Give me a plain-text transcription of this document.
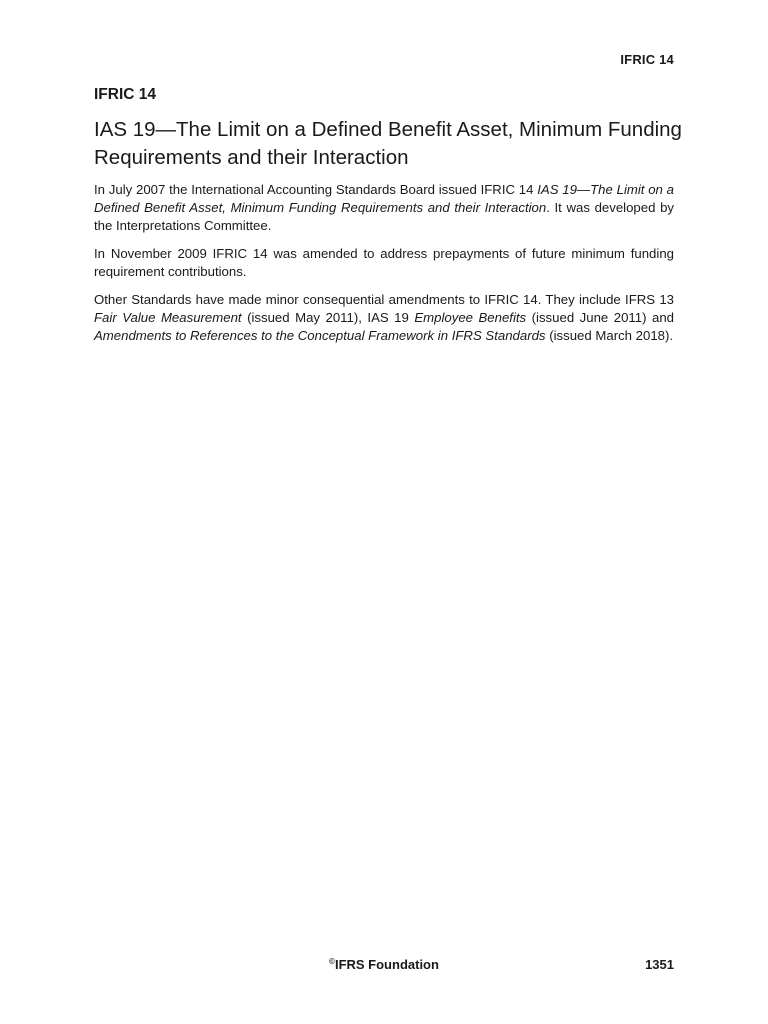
IFRIC 14
IFRIC 14
IAS 19—The Limit on a Defined Benefit Asset, Minimum Funding Requirements and their Interaction

In July 2007 the International Accounting Standards Board issued IFRIC 14 IAS 19—The Limit on a Defined Benefit Asset, Minimum Funding Requirements and their Interaction. It was developed by the Interpretations Committee.

In November 2009 IFRIC 14 was amended to address prepayments of future minimum funding requirement contributions.

Other Standards have made minor consequential amendments to IFRIC 14. They include IFRS 13 Fair Value Measurement (issued May 2011), IAS 19 Employee Benefits (issued June 2011) and Amendments to References to the Conceptual Framework in IFRS Standards (issued March 2018).

©IFRS Foundation	1351
